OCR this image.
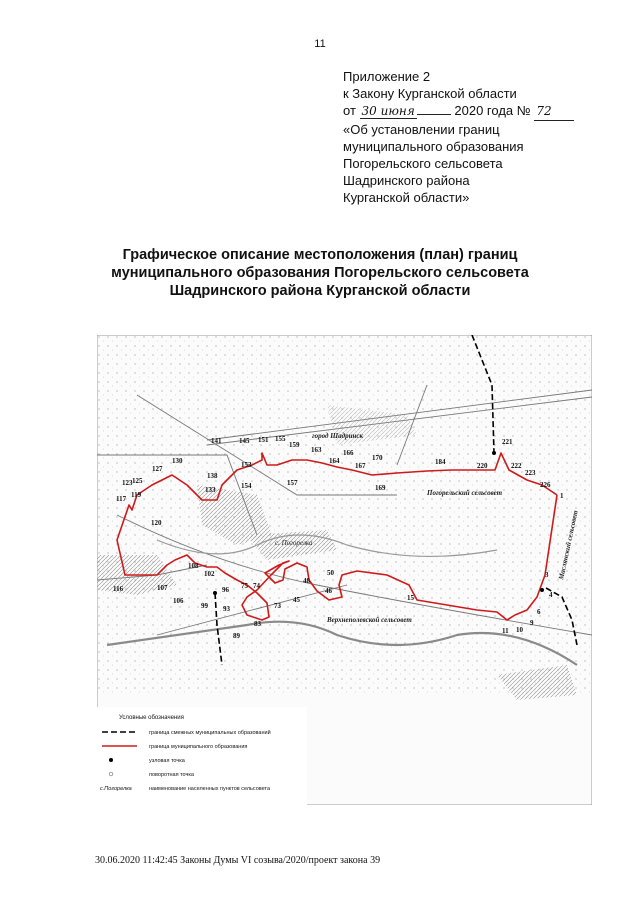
11
Приложение 2
к Закону Курганской области
от 30 июня	2020 года № 72
«Об установлении границ
муниципального образования
Погорельского сельсовета
Шадринского района
Курганской области»
Графическое описание местоположения (план) границ
муниципального образования Погорельского сельсовета
Шадринского района Курганской области
город Шадринск
Погорельский сельсовет
с. Погорелка
Верхнеполевской сельсовет
Маслянский сельсовет
1
3
4
6
9
10
11
15
45
46
48
50
73
74
75
83
89
93
96
99
102
106
107
108
116
117 119
120
123 125
127
130
133
138
141	145 151
153
154
155
157
159
163
164
166
167
169
170	184	220
221
222
223
226
Условные обозначения
граница смежных муниципальных образований
граница муниципального образования
узловая точка
поворотная точка
с.Погорелка	наименование населенных пунктов сельсовета
30.06.2020 11:42:45 Законы Думы VI созыва/2020/проект закона 39
